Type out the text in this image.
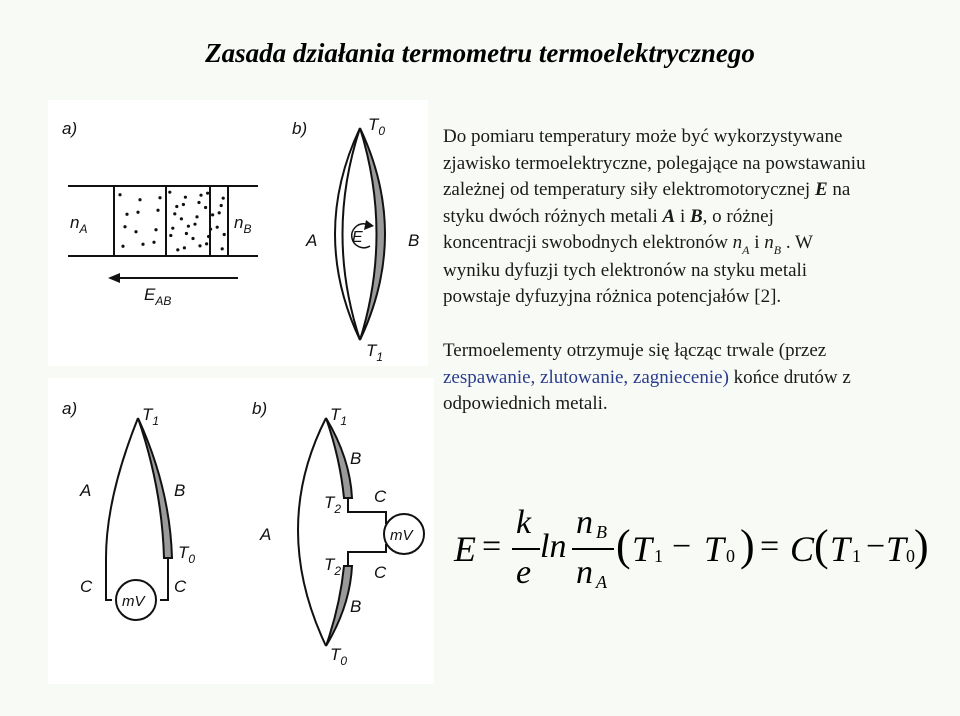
Zasada działania termometru termoelektrycznego
a)
$n_A$	$n_B$
$E_{AB}$
b)	$T_0$
$T_1$
A	B
E
a)	$T_1$
A	B
$T_0$
mV
C	C
b)
mV
$T_1$
B
$T_2$
C
A
$T_2$ C
B
$T_0$
Do pomiaru temperatury może być wykorzystywane
zjawisko termoelektryczne, polegające na powstawaniu
zależnej od temperatury siły elektromotorycznej E na
styku dwóch różnych metali A i B, o różnej
koncentracji swobodnych elektronów $n_A$ i $n_B$ . W
wyniku dyfuzji tych elektronów na styku metali
powstaje dyfuzyjna różnica potencjałów [2].
Termoelementy otrzymuje się łącząc trwale (przez
zespawanie, zlutowanie, zagniecenie) końce drutów z
odpowiednich metali.
E =
k
e
ln
n B
n A
( T 1 − T 0 ) = C ( T 1 − T 0 )
